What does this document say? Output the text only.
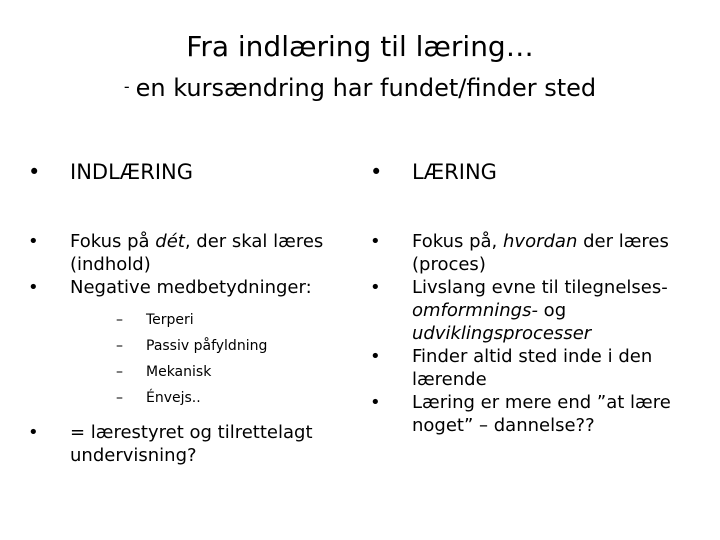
Fra indlæring til læring…
- en kursændring har fundet/finder sted
• INDLÆRING
•	Fokus på dét, der skal læres (indhold)
•	Negative medbetydninger:
– Terperi
– Passiv påfyldning
– Mekanisk
– Énvejs..
•	= lærestyret og tilrettelagt undervisning?
• LÆRING
•	Fokus på, hvordan der læres (proces)
•	Livslang evne til tilegnelses-omformnings- og udviklingsprocesser
•	Finder altid sted inde i den lærende
•	Læring er mere end ”at lære noget” – dannelse??
